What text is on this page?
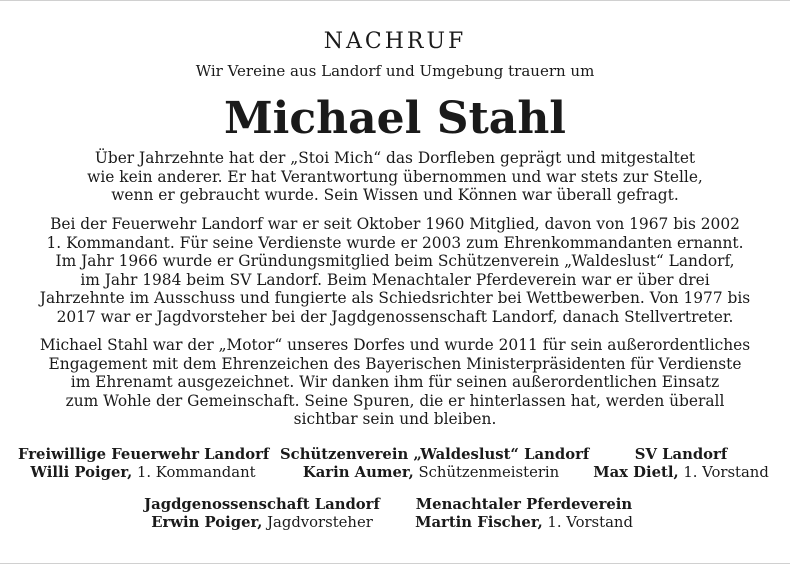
NACHRUF
Wir Vereine aus Landorf und Umgebung trauern um
Michael Stahl
Über Jahrzehnte hat der „Stoi Mich“ das Dorfleben geprägt und mitgestaltet
wie kein anderer. Er hat Verantwortung übernommen und war stets zur Stelle,
wenn er gebraucht wurde. Sein Wissen und Können war überall gefragt.
Bei der Feuerwehr Landorf war er seit Oktober 1960 Mitglied, davon von 1967 bis 2002
1. Kommandant. Für seine Verdienste wurde er 2003 zum Ehrenkommandanten ernannt.
Im Jahr 1966 wurde er Gründungsmitglied beim Schützenverein „Waldeslust“ Landorf,
im Jahr 1984 beim SV Landorf. Beim Menachtaler Pferdeverein war er über drei
Jahrzehnte im Ausschuss und fungierte als Schiedsrichter bei Wettbewerben. Von 1977 bis
2017 war er Jagdvorsteher bei der Jagdgenossenschaft Landorf, danach Stellvertreter.
Michael Stahl war der „Motor“ unseres Dorfes und wurde 2011 für sein außerordentliches
Engagement mit dem Ehrenzeichen des Bayerischen Ministerpräsidenten für Verdienste
im Ehrenamt ausgezeichnet. Wir danken ihm für seinen außerordentlichen Einsatz
zum Wohle der Gemeinschaft. Seine Spuren, die er hinterlassen hat, werden überall
sichtbar sein und bleiben.
Freiwillige Feuerwehr Landorf
Willi Poiger, 1. Kommandant
Schützenverein „Waldeslust“ Landorf
Karin Aumer, Schützenmeisterin
SV Landorf
Max Dietl, 1. Vorstand
Jagdgenossenschaft Landorf
Erwin Poiger, Jagdvorsteher
Menachtaler Pferdeverein
Martin Fischer, 1. Vorstand
